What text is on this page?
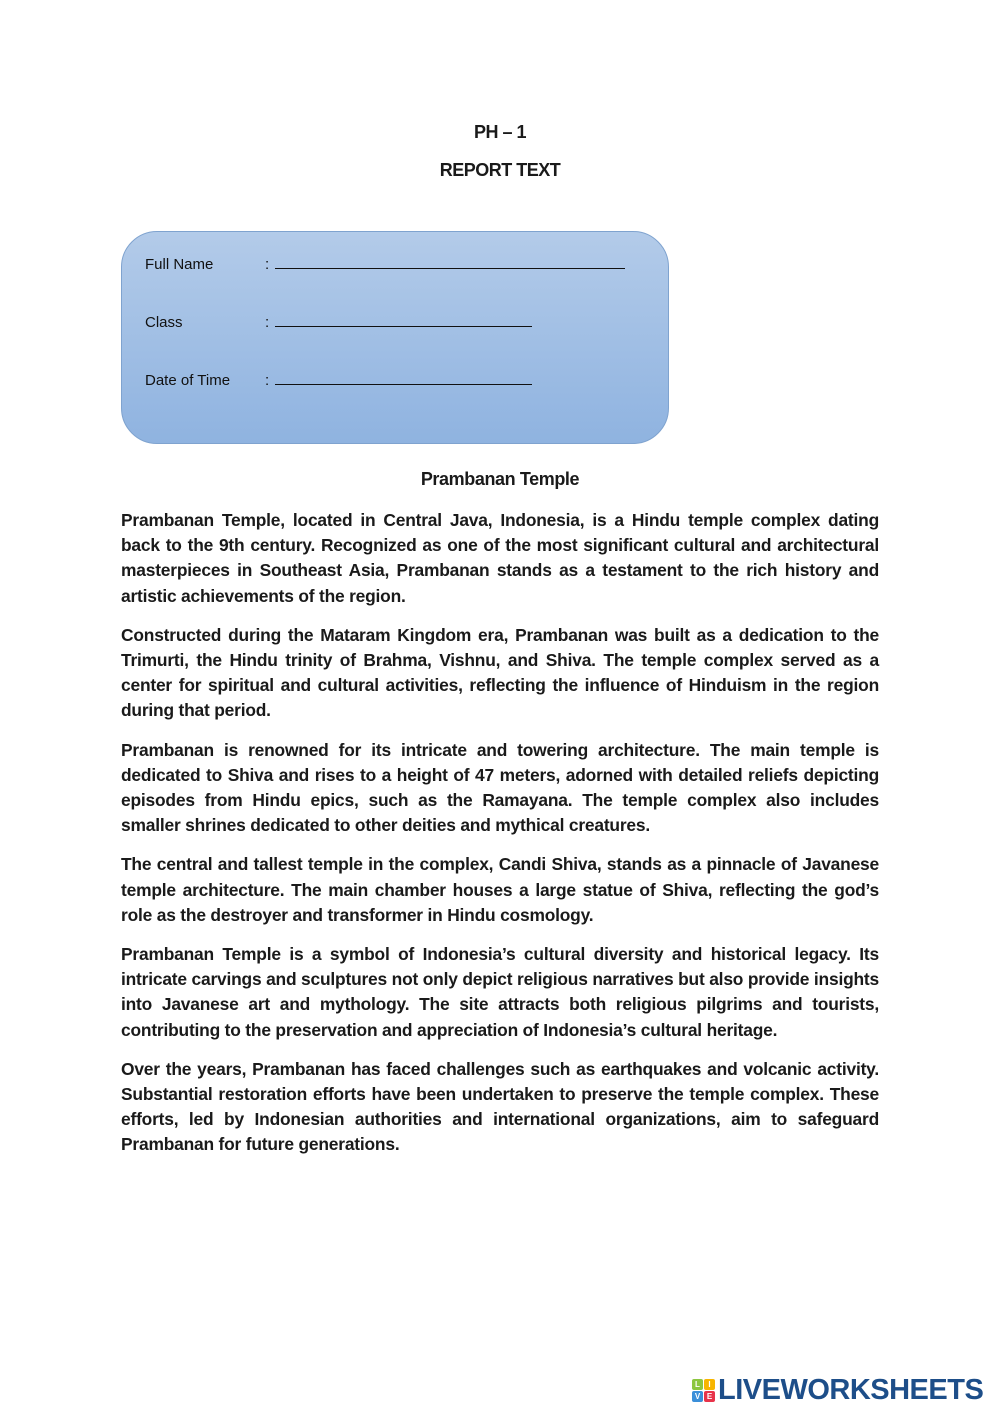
PH – 1
REPORT TEXT
Full Name	:
Class	:
Date of Time	:
Prambanan Temple

Prambanan Temple, located in Central Java, Indonesia, is a Hindu temple complex dating back to the 9th century. Recognized as one of the most significant cultural and architectural masterpieces in Southeast Asia, Prambanan stands as a testament to the rich history and artistic achievements of the region.

Constructed during the Mataram Kingdom era, Prambanan was built as a dedication to the Trimurti, the Hindu trinity of Brahma, Vishnu, and Shiva. The temple complex served as a center for spiritual and cultural activities, reflecting the influence of Hinduism in the region during that period.

Prambanan is renowned for its intricate and towering architecture. The main temple is dedicated to Shiva and rises to a height of 47 meters, adorned with detailed reliefs depicting episodes from Hindu epics, such as the Ramayana. The temple complex also includes smaller shrines dedicated to other deities and mythical creatures.

The central and tallest temple in the complex, Candi Shiva, stands as a pinnacle of Javanese temple architecture. The main chamber houses a large statue of Shiva, reflecting the god’s role as the destroyer and transformer in Hindu cosmology.

Prambanan Temple is a symbol of Indonesia’s cultural diversity and historical legacy. Its intricate carvings and sculptures not only depict religious narratives but also provide insights into Javanese art and mythology. The site attracts both religious pilgrims and tourists, contributing to the preservation and appreciation of Indonesia’s cultural heritage.

Over the years, Prambanan has faced challenges such as earthquakes and volcanic activity. Substantial restoration efforts have been undertaken to preserve the temple complex. These efforts, led by Indonesian authorities and international organizations, aim to safeguard Prambanan for future generations.

L	I
V E LIVEWORKSHEETS
